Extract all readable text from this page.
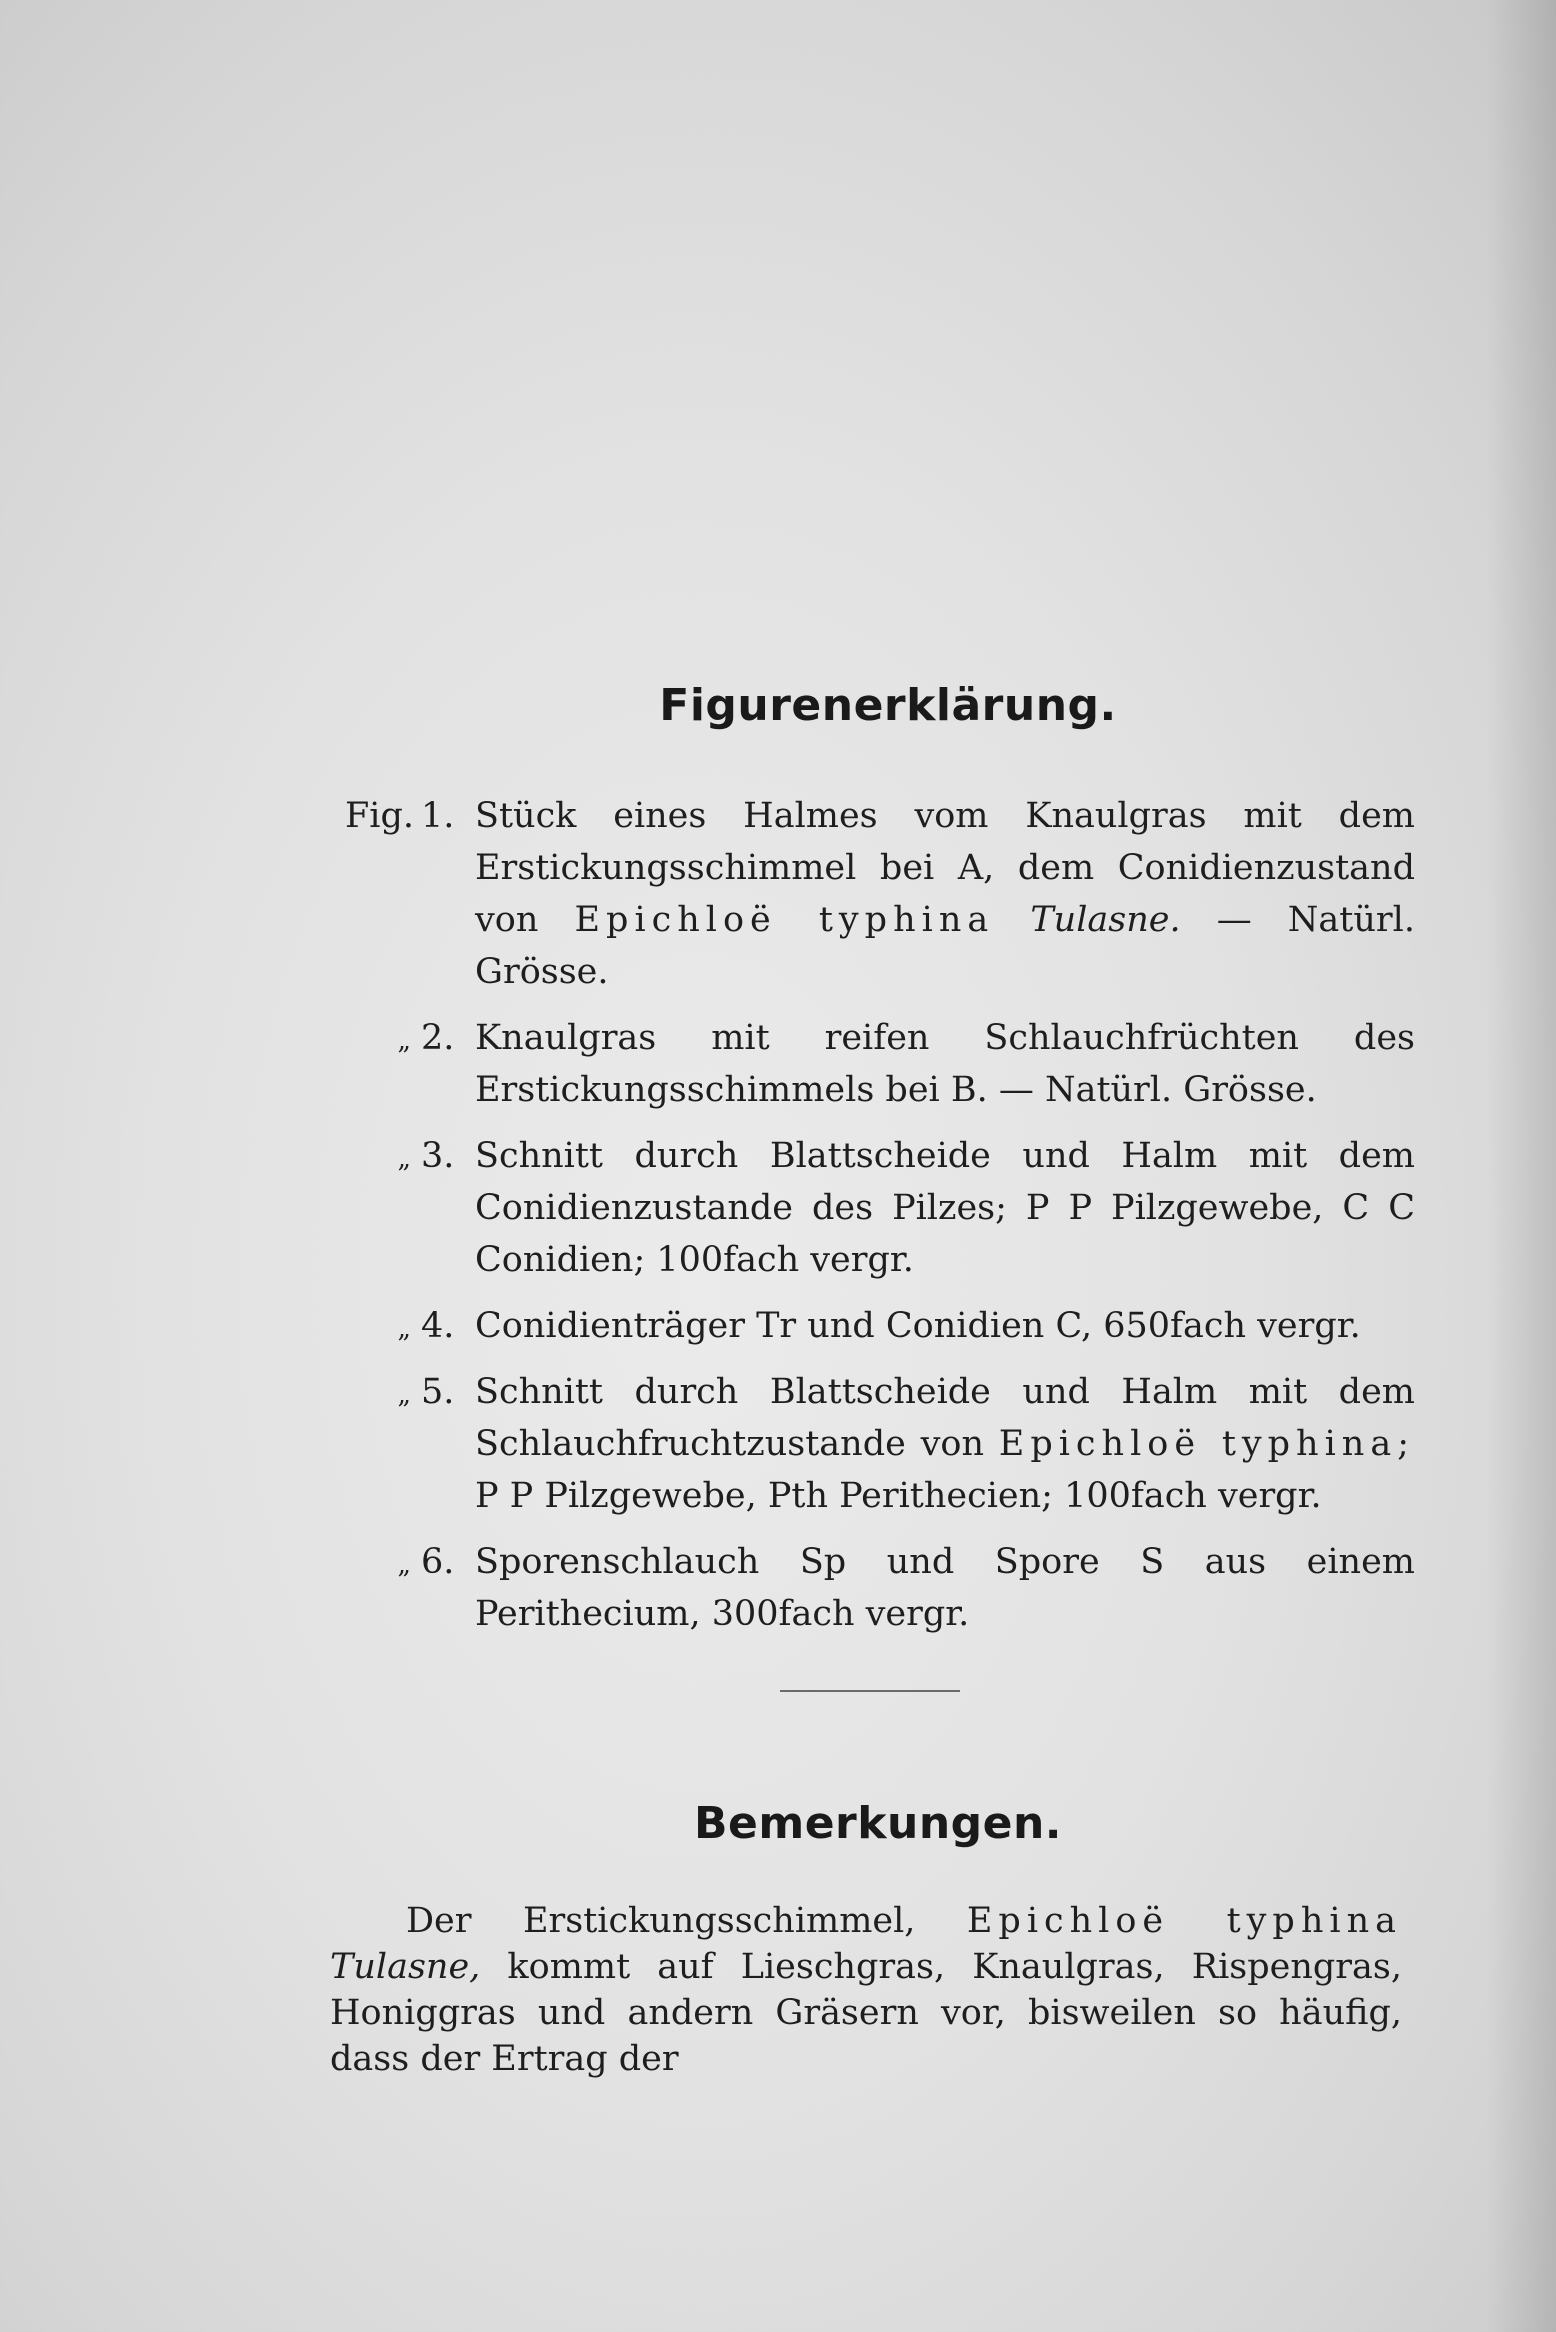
Figurenerklärung.
Fig. 1. Stück eines Halmes vom Knaulgras mit dem Erstickungsschimmel bei A, dem Conidienzustand von Epichloë typhina Tulasne. — Natürl. Grösse.
„ 2. Knaulgras mit reifen Schlauchfrüchten des Erstickungsschimmels bei B. — Natürl. Grösse.
„ 3. Schnitt durch Blattscheide und Halm mit dem Conidienzustande des Pilzes; P P Pilzgewebe, C C Conidien; 100fach vergr.
„ 4. Conidienträger Tr und Conidien C, 650fach vergr.
„ 5. Schnitt durch Blattscheide und Halm mit dem Schlauchfruchtzustande von Epichloë typhina; P P Pilzgewebe, Pth Perithecien; 100fach vergr.
„ 6. Sporenschlauch Sp und Spore S aus einem Perithecium, 300fach vergr.
Bemerkungen.
Der Erstickungsschimmel, Epichloë typhina Tulasne, kommt auf Lieschgras, Knaulgras, Rispengras, Honiggras und andern Gräsern vor, bisweilen so häufig, dass der Ertrag der
